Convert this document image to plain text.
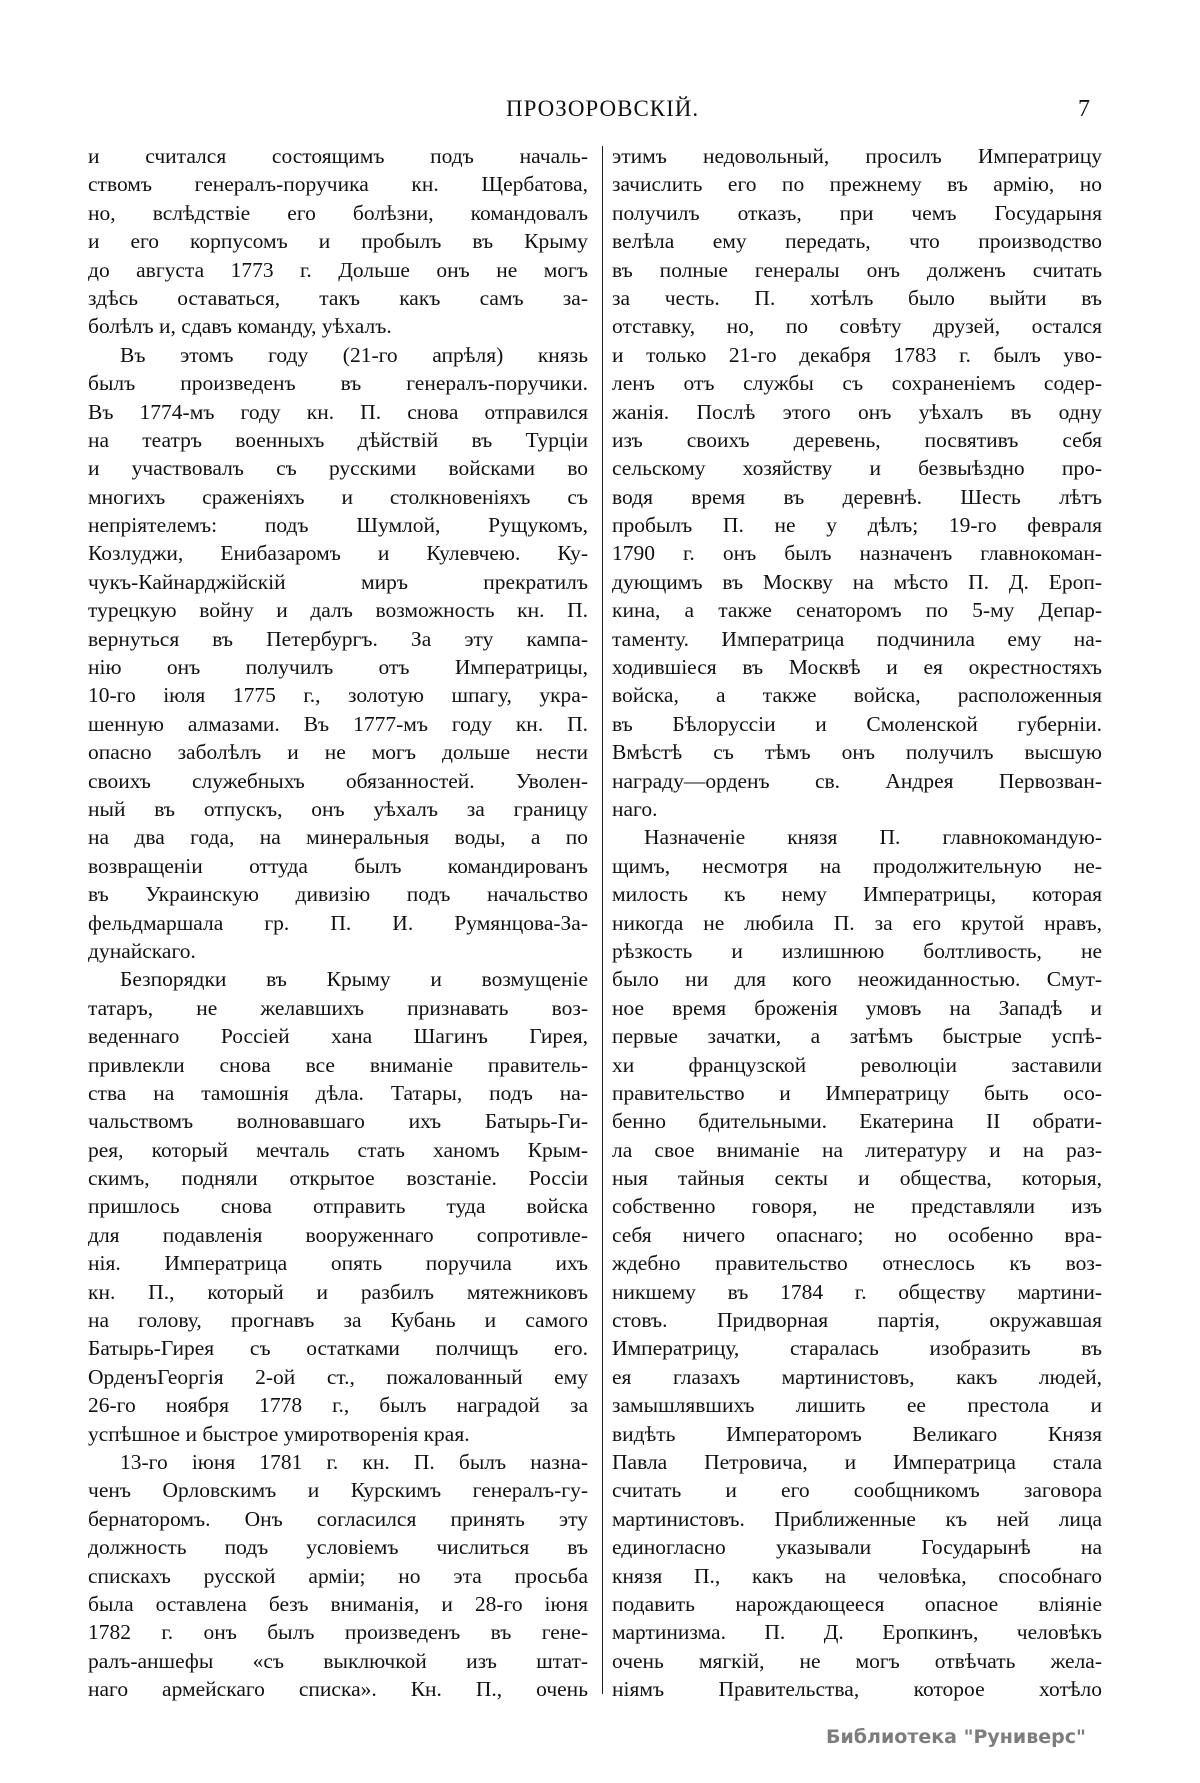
ПРОЗОРОВСКІЙ.	7
и считался состоящимъ подъ началь-
ствомъ генералъ-поручика кн. Щербатова,
но, вслѣдствіе его болѣзни, командовалъ
и его корпусомъ и пробылъ въ Крыму
до августа 1773 г. Дольше онъ не могъ
здѣсь оставаться, такъ какъ самъ за-
болѣлъ и, сдавъ команду, уѣхалъ.
Въ этомъ году (21-го апрѣля) князь
былъ произведенъ въ генералъ-поручики.
Въ 1774-мъ году кн. П. снова отправился
на театръ военныхъ дѣйствій въ Турціи
и участвовалъ съ русскими войсками во
многихъ сраженіяхъ и столкновеніяхъ съ
непріятелемъ: подъ Шумлой, Рущукомъ,
Козлуджи, Енибазаромъ и Кулевчею. Ку-
чукъ-Кайнарджійскій миръ прекратилъ
турецкую войну и далъ возможность кн. П.
вернуться въ Петербургъ. За эту кампа-
нію онъ получилъ отъ Императрицы,
10-го іюля 1775 г., золотую шпагу, укра-
шенную алмазами. Въ 1777-мъ году кн. П.
опасно заболѣлъ и не могъ дольше нести
своихъ служебныхъ обязанностей. Уволен-
ный въ отпускъ, онъ уѣхалъ за границу
на два года, на минеральныя воды, а по
возвращеніи оттуда былъ командированъ
въ Украинскую дивизію подъ начальство
фельдмаршала гр. П. И. Румянцова-За-
дунайскаго.
Безпорядки въ Крыму и возмущеніе
татаръ, не желавшихъ признавать воз-
веденнаго Россіей хана Шагинъ Гирея,
привлекли снова все вниманіе правитель-
ства на тамошнія дѣла. Татары, подъ на-
чальствомъ волновавшаго ихъ Батырь-Ги-
рея, который мечталь стать ханомъ Крым-
скимъ, подняли открытое возстаніе. Россіи
пришлось снова отправить туда войска
для подавленія вооруженнаго сопротивле-
нія. Императрица опять поручила ихъ
кн. П., который и разбилъ мятежниковъ
на голову, прогнавъ за Кубань и самого
Батырь-Гирея съ остатками полчищъ его.
ОрденъГеоргія 2-ой ст., пожалованный ему
26-го ноября 1778 г., былъ наградой за
успѣшное и быстрое умиротворенія края.
13-го іюня 1781 г. кн. П. былъ назна-
ченъ Орловскимъ и Курскимъ генералъ-гу-
бернаторомъ. Онъ согласился принять эту
должность подъ условіемъ числиться въ
спискахъ русской арміи; но эта просьба
была оставлена безъ вниманія, и 28-го іюня
1782 г. онъ былъ произведенъ въ гене-
ралъ-аншефы «съ выключкой изъ штат-
наго армейскаго списка». Кн. П., очень
этимъ недовольный, просилъ Императрицу
зачислить его по прежнему въ армію, но
получилъ отказъ, при чемъ Государыня
велѣла ему передать, что производство
въ полные генералы онъ долженъ считать
за честь. П. хотѣлъ было выйти въ
отставку, но, по совѣту друзей, остался
и только 21-го декабря 1783 г. былъ уво-
ленъ отъ службы съ сохраненіемъ содер-
жанія. Послѣ этого онъ уѣхалъ въ одну
изъ своихъ деревень, посвятивъ себя
сельскому хозяйству и безвыѣздно про-
водя время въ деревнѣ. Шесть лѣтъ
пробылъ П. не у дѣлъ; 19-го февраля
1790 г. онъ былъ назначенъ главнокоман-
дующимъ въ Москву на мѣсто П. Д. Ероп-
кина, а также сенаторомъ по 5-му Депар-
таменту. Императрица подчинила ему на-
ходившіеся въ Москвѣ и ея окрестностяхъ
войска, а также войска, расположенныя
въ Бѣлоруссіи и Смоленской губерніи.
Вмѣстѣ съ тѣмъ онъ получилъ высшую
награду—орденъ св. Андрея Первозван-
наго.
Назначеніе князя П. главнокомандую-
щимъ, несмотря на продолжительную не-
милость къ нему Императрицы, которая
никогда не любила П. за его крутой нравъ,
рѣзкость и излишнюю болтливость, не
было ни для кого неожиданностью. Смут-
ное время броженія умовъ на Западѣ и
первые зачатки, а затѣмъ быстрые успѣ-
хи французской революціи заставили
правительство и Императрицу быть осо-
бенно бдительными. Екатерина II обрати-
ла свое вниманіе на литературу и на раз-
ныя тайныя секты и общества, которыя,
собственно говоря, не представляли изъ
себя ничего опаснаго; но особенно вра-
ждебно правительство отнеслось къ воз-
никшему въ 1784 г. обществу мартини-
стовъ. Придворная партія, окружавшая
Императрицу, старалась изобразить въ
ея глазахъ мартинистовъ, какъ людей,
замышлявшихъ лишить ее престола и
видѣть Императоромъ Великаго Князя
Павла Петровича, и Императрица стала
считать и его сообщникомъ заговора
мартинистовъ. Приближенные къ ней лица
единогласно указывали Государынѣ на
князя П., какъ на человѣка, способнаго
подавить нарождающееся опасное вліяніе
мартинизма. П. Д. Еропкинъ, человѣкъ
очень мягкій, не могъ отвѣчать жела-
ніямъ Правительства, которое хотѣло
Библиотека "Руниверс"
